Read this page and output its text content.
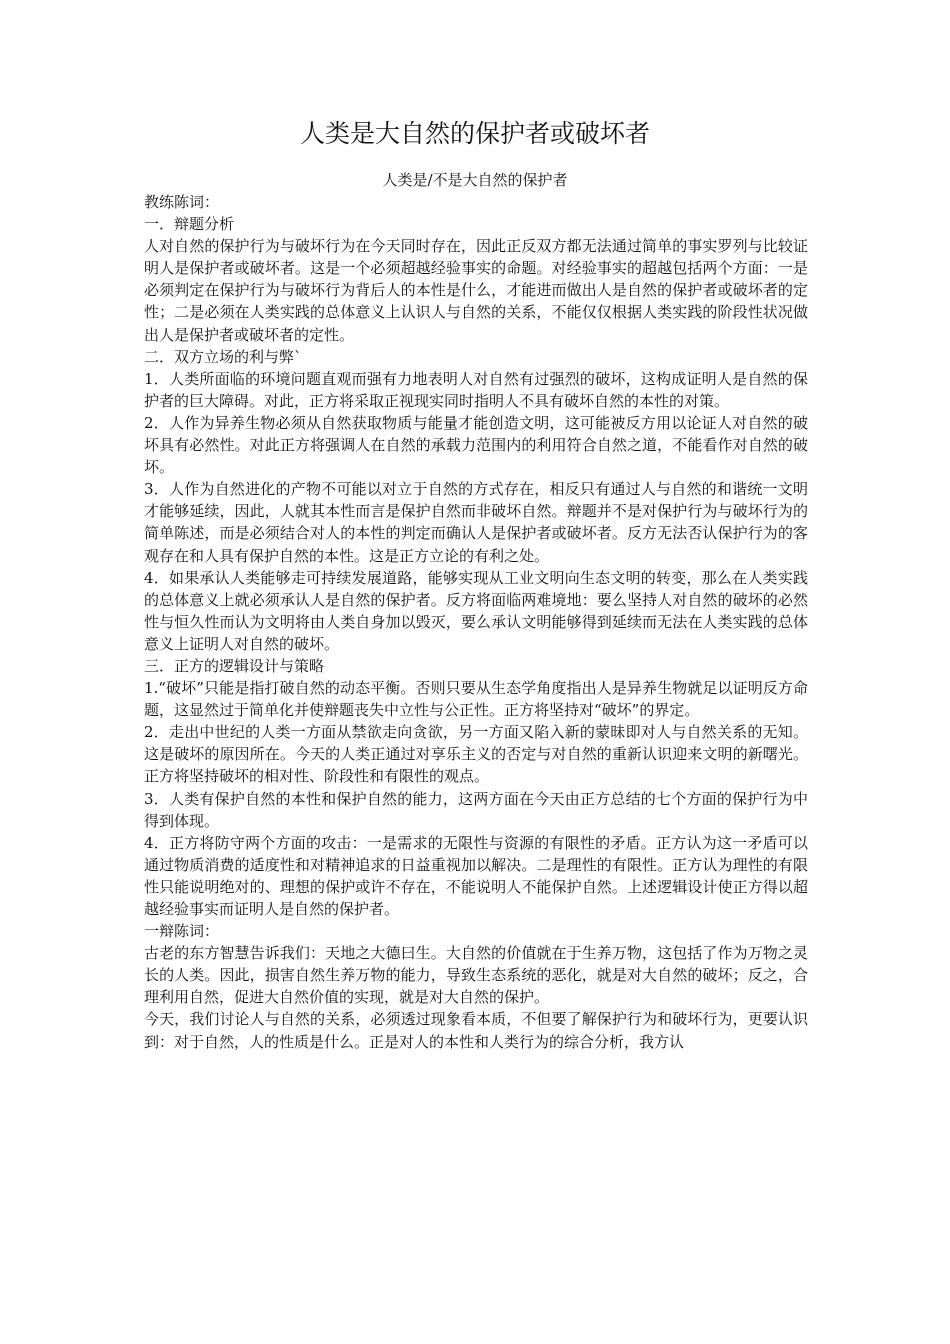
人类是大自然的保护者或破坏者
人类是/不是大自然的保护者

教练陈词：

一．辩题分析

人对自然的保护行为与破坏行为在今天同时存在，因此正反双方都无法通过简单的事实罗列与比较证明人是保护者或破坏者。这是一个必须超越经验事实的命题。对经验事实的超越包括两个方面：一是必须判定在保护行为与破坏行为背后人的本性是什么，才能进而做出人是自然的保护者或破坏者的定性；二是必须在人类实践的总体意义上认识人与自然的关系，不能仅仅根据人类实践的阶段性状况做出人是保护者或破坏者的定性。

二．双方立场的利与弊`

1．人类所面临的环境问题直观而强有力地表明人对自然有过强烈的破坏，这构成证明人是自然的保护者的巨大障碍。对此，正方将采取正视现实同时指明人不具有破坏自然的本性的对策。

2．人作为异养生物必须从自然获取物质与能量才能创造文明，这可能被反方用以论证人对自然的破坏具有必然性。对此正方将强调人在自然的承载力范围内的利用符合自然之道，不能看作对自然的破坏。

3．人作为自然进化的产物不可能以对立于自然的方式存在，相反只有通过人与自然的和谐统一文明才能够延续，因此，人就其本性而言是保护自然而非破坏自然。辩题并不是对保护行为与破坏行为的简单陈述，而是必须结合对人的本性的判定而确认人是保护者或破坏者。反方无法否认保护行为的客观存在和人具有保护自然的本性。这是正方立论的有利之处。

4．如果承认人类能够走可持续发展道路，能够实现从工业文明向生态文明的转变，那么在人类实践的总体意义上就必须承认人是自然的保护者。反方将面临两难境地：要么坚持人对自然的破坏的必然性与恒久性而认为文明将由人类自身加以毁灭，要么承认文明能够得到延续而无法在人类实践的总体意义上证明人对自然的破坏。

三．正方的逻辑设计与策略

1.“破坏”只能是指打破自然的动态平衡。否则只要从生态学角度指出人是异养生物就足以证明反方命题，这显然过于简单化并使辩题丧失中立性与公正性。正方将坚持对“破坏”的界定。

2．走出中世纪的人类一方面从禁欲走向贪欲，另一方面又陷入新的蒙昧即对人与自然关系的无知。这是破坏的原因所在。今天的人类正通过对享乐主义的否定与对自然的重新认识迎来文明的新曙光。正方将坚持破坏的相对性、阶段性和有限性的观点。

3．人类有保护自然的本性和保护自然的能力，这两方面在今天由正方总结的七个方面的保护行为中得到体现。

4．正方将防守两个方面的攻击：一是需求的无限性与资源的有限性的矛盾。正方认为这一矛盾可以通过物质消费的适度性和对精神追求的日益重视加以解决。二是理性的有限性。正方认为理性的有限性只能说明绝对的、理想的保护或许不存在，不能说明人不能保护自然。上述逻辑设计使正方得以超越经验事实而证明人是自然的保护者。

一辩陈词：

古老的东方智慧告诉我们：天地之大德曰生。大自然的价值就在于生养万物，这包括了作为万物之灵长的人类。因此，损害自然生养万物的能力，导致生态系统的恶化，就是对大自然的破坏；反之，合理利用自然，促进大自然价值的实现，就是对大自然的保护。

今天，我们讨论人与自然的关系，必须透过现象看本质，不但要了解保护行为和破坏行为，更要认识到：对于自然，人的性质是什么。正是对人的本性和人类行为的综合分析，我方认
